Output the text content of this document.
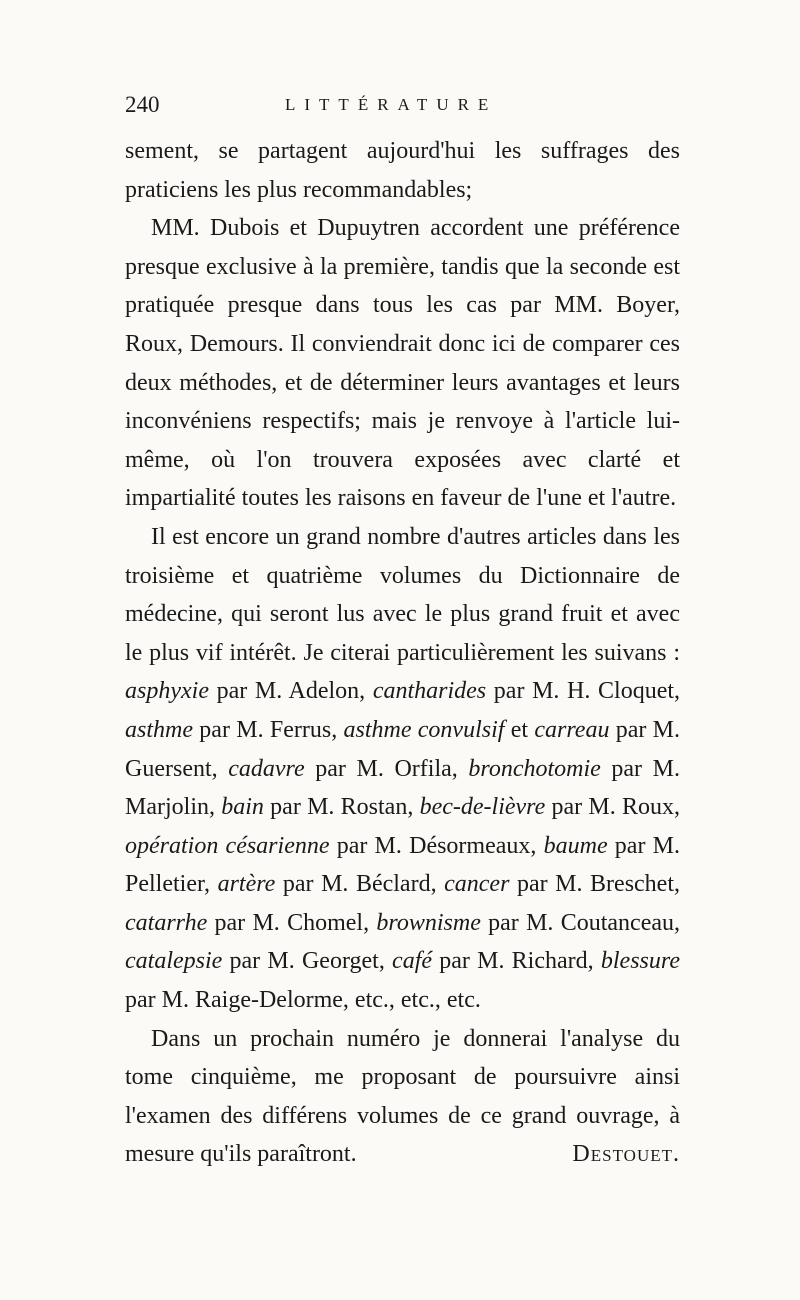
240	LITTÉRATURE

sement, se partagent aujourd'hui les suffrages des praticiens les plus recommandables;

MM. Dubois et Dupuytren accordent une préférence presque exclusive à la première, tandis que la seconde est pratiquée presque dans tous les cas par MM. Boyer, Roux, Demours. Il conviendrait donc ici de comparer ces deux méthodes, et de déterminer leurs avantages et leurs inconvéniens respectifs; mais je renvoye à l'article lui-même, où l'on trouvera exposées avec clarté et impartialité toutes les raisons en faveur de l'une et l'autre.

Il est encore un grand nombre d'autres articles dans les troisième et quatrième volumes du Dictionnaire de médecine, qui seront lus avec le plus grand fruit et avec le plus vif intérêt. Je citerai particulièrement les suivans : asphyxie par M. Adelon, cantharides par M. H. Cloquet, asthme par M. Ferrus, asthme convulsif et carreau par M. Guersent, cadavre par M. Orfila, bronchotomie par M. Marjolin, bain par M. Rostan, bec-de-lièvre par M. Roux, opération césarienne par M. Désormeaux, baume par M. Pelletier, artère par M. Béclard, cancer par M. Breschet, catarrhe par M. Chomel, brownisme par M. Coutanceau, catalepsie par M. Georget, café par M. Richard, blessure par M. Raige-Delorme, etc., etc., etc.

Dans un prochain numéro je donnerai l'analyse du tome cinquième, me proposant de poursuivre ainsi l'examen des différens volumes de ce grand ouvrage, à mesure qu'ils paraîtront.	Destouet.
